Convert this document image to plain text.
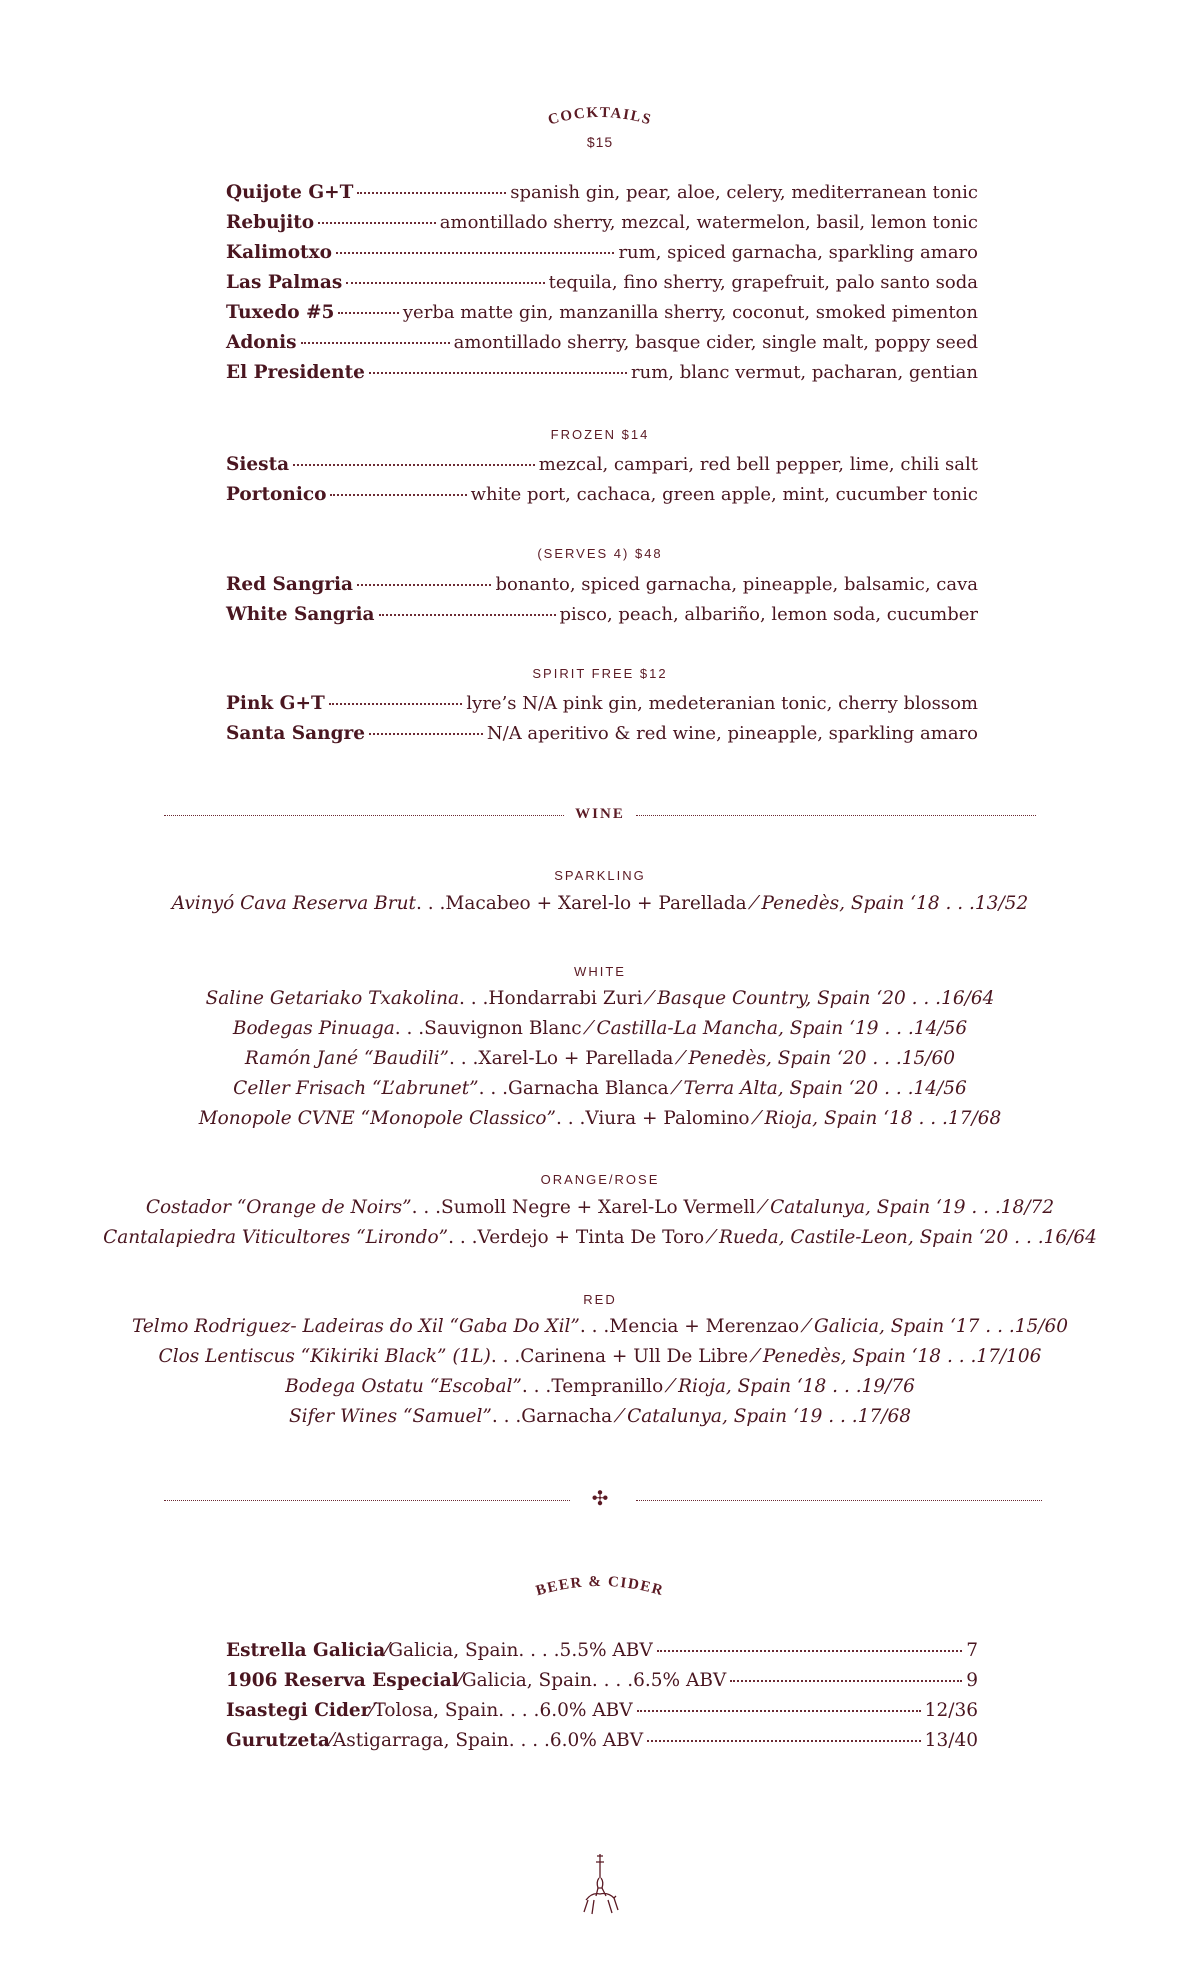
COCKTAILS
$15
Quijote G+T	spanish gin, pear, aloe, celery, mediterranean tonic
Rebujito	amontillado sherry, mezcal, watermelon, basil, lemon tonic
Kalimotxo	rum, spiced garnacha, sparkling amaro
Las Palmas	tequila, fino sherry, grapefruit, palo santo soda
Tuxedo #5	yerba matte gin, manzanilla sherry, coconut, smoked pimenton
Adonis	amontillado sherry, basque cider, single malt, poppy seed
El Presidente	rum, blanc vermut, pacharan, gentian
FROZEN $14
Siesta	mezcal, campari, red bell pepper, lime, chili salt
Portonico	white port, cachaca, green apple, mint, cucumber tonic
(SERVES 4) $48
Red Sangria	bonanto, spiced garnacha, pineapple, balsamic, cava
White Sangria	pisco, peach, albariño, lemon soda, cucumber
SPIRIT FREE $12
Pink G+T	lyre’s N/A pink gin, medeteranian tonic, cherry blossom
Santa Sangre	N/A aperitivo & red wine, pineapple, sparkling amaro
WINE
SPARKLING
Avinyó Cava Reserva Brut. . .Macabeo + Xarel-lo + Parellada ⁄ Penedès, Spain ‘18 . . .13/52
WHITE
Saline Getariako Txakolina. . .Hondarrabi Zuri ⁄ Basque Country, Spain ‘20 . . .16/64
Bodegas Pinuaga. . .Sauvignon Blanc ⁄ Castilla-La Mancha, Spain ‘19 . . .14/56
Ramón Jané “Baudili”. . .Xarel-Lo + Parellada ⁄ Penedès, Spain ‘20 . . .15/60
Celler Frisach “L’abrunet”. . .Garnacha Blanca ⁄ Terra Alta, Spain ‘20 . . .14/56
Monopole CVNE “Monopole Classico”. . .Viura + Palomino ⁄ Rioja, Spain ‘18 . . .17/68
ORANGE/ROSE
Costador “Orange de Noirs”. . .Sumoll Negre + Xarel-Lo Vermell ⁄ Catalunya, Spain ‘19 . . .18/72
Cantalapiedra Viticultores “Lirondo”. . .Verdejo + Tinta De Toro ⁄ Rueda, Castile-Leon, Spain ‘20 . . .16/64
RED
Telmo Rodriguez- Ladeiras do Xil “Gaba Do Xil”. . .Mencia + Merenzao ⁄ Galicia, Spain ‘17 . . .15/60
Clos Lentiscus “Kikiriki Black” (1L). . .Carinena + Ull De Libre ⁄ Penedès, Spain ‘18 . . .17/106
Bodega Ostatu “Escobal”. . .Tempranillo ⁄ Rioja, Spain ‘18 . . .19/76
Sifer Wines “Samuel”. . .Garnacha ⁄ Catalunya, Spain ‘19 . . .17/68
✣
BEER & CIDER
Estrella Galicia ⁄ Galicia, Spain . . . . 5.5% ABV	7
1906 Reserva Especial ⁄ Galicia, Spain . . . . 6.5% ABV	9
Isastegi Cider ⁄ Tolosa, Spain . . . . 6.0% ABV	12/36
Gurutzeta ⁄ Astigarraga, Spain . . . . 6.0% ABV	13/40
